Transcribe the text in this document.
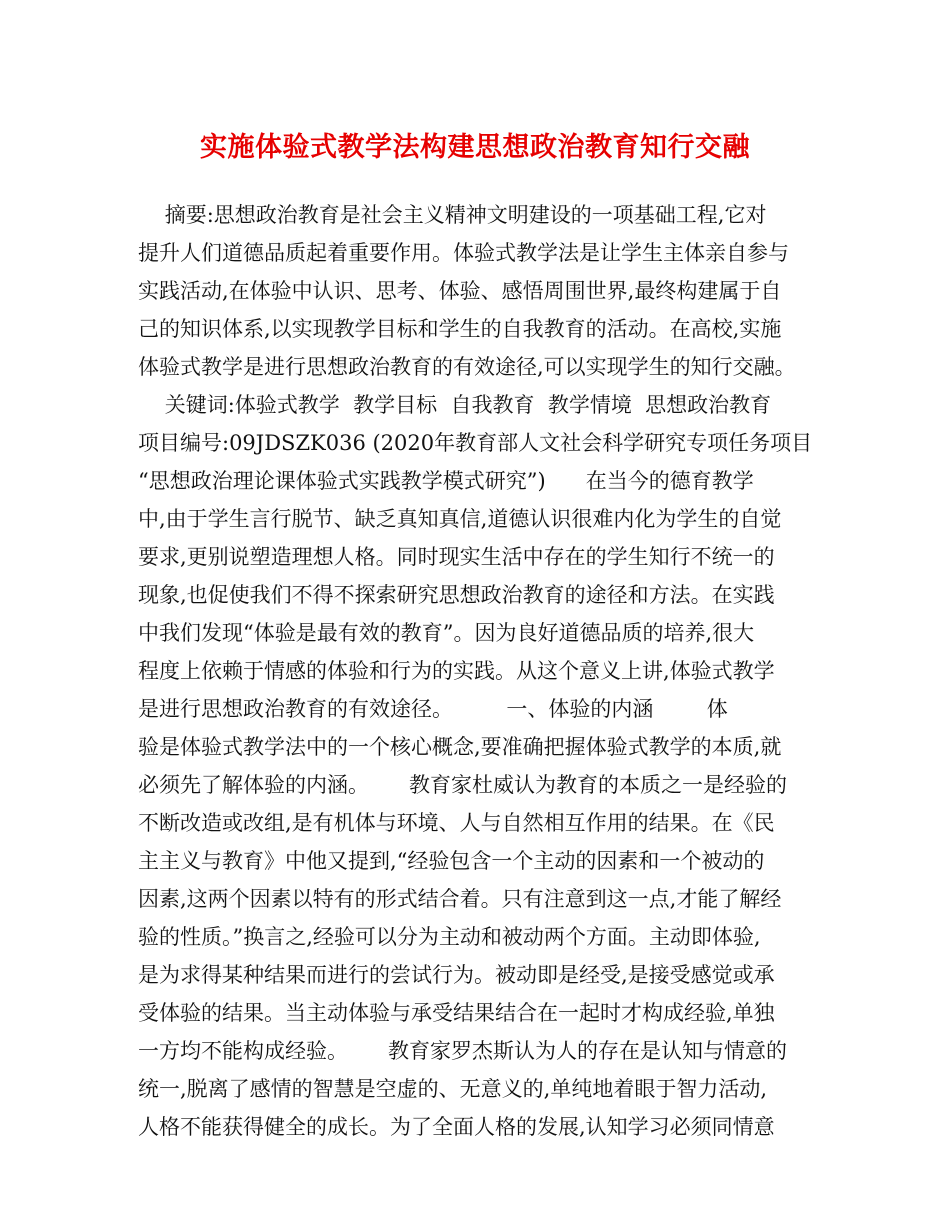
实施体验式教学法构建思想政治教育知行交融
摘要:思想政治教育是社会主义精神文明建设的一项基础工程,它对
提升人们道德品质起着重要作用。体验式教学法是让学生主体亲自参与
实践活动,在体验中认识、思考、体验、感悟周围世界,最终构建属于自
己的知识体系,以实现教学目标和学生的自我教育的活动。在高校,实施
体验式教学是进行思想政治教育的有效途径,可以实现学生的知行交融。
关键词:体验式教学  教学目标  自我教育  教学情境  思想政治教育
项目编号:09JDSZK036 (2020年教育部人文社会科学研究专项任务项目
“思想政治理论课体验式实践教学模式研究”)      在当今的德育教学
中,由于学生言行脱节、缺乏真知真信,道德认识很难内化为学生的自觉
要求,更别说塑造理想人格。同时现实生活中存在的学生知行不统一的
现象,也促使我们不得不探索研究思想政治教育的途径和方法。在实践
中我们发现“体验是最有效的教育”。因为良好道德品质的培养,很大
程度上依赖于情感的体验和行为的实践。从这个意义上讲,体验式教学
是进行思想政治教育的有效途径。        一、体验的内涵        体
验是体验式教学法中的一个核心概念,要准确把握体验式教学的本质,就
必须先了解体验的内涵。      教育家杜威认为教育的本质之一是经验的
不断改造或改组,是有机体与环境、人与自然相互作用的结果。在《民
主主义与教育》中他又提到,“经验包含一个主动的因素和一个被动的
因素,这两个因素以特有的形式结合着。只有注意到这一点,才能了解经
验的性质。”换言之,经验可以分为主动和被动两个方面。主动即体验,
是为求得某种结果而进行的尝试行为。被动即是经受,是接受感觉或承
受体验的结果。当主动体验与承受结果结合在一起时才构成经验,单独
一方均不能构成经验。      教育家罗杰斯认为人的存在是认知与情意的
统一,脱离了感情的智慧是空虚的、无意义的,单纯地着眼于智力活动,
人格不能获得健全的成长。为了全面人格的发展,认知学习必须同情意
